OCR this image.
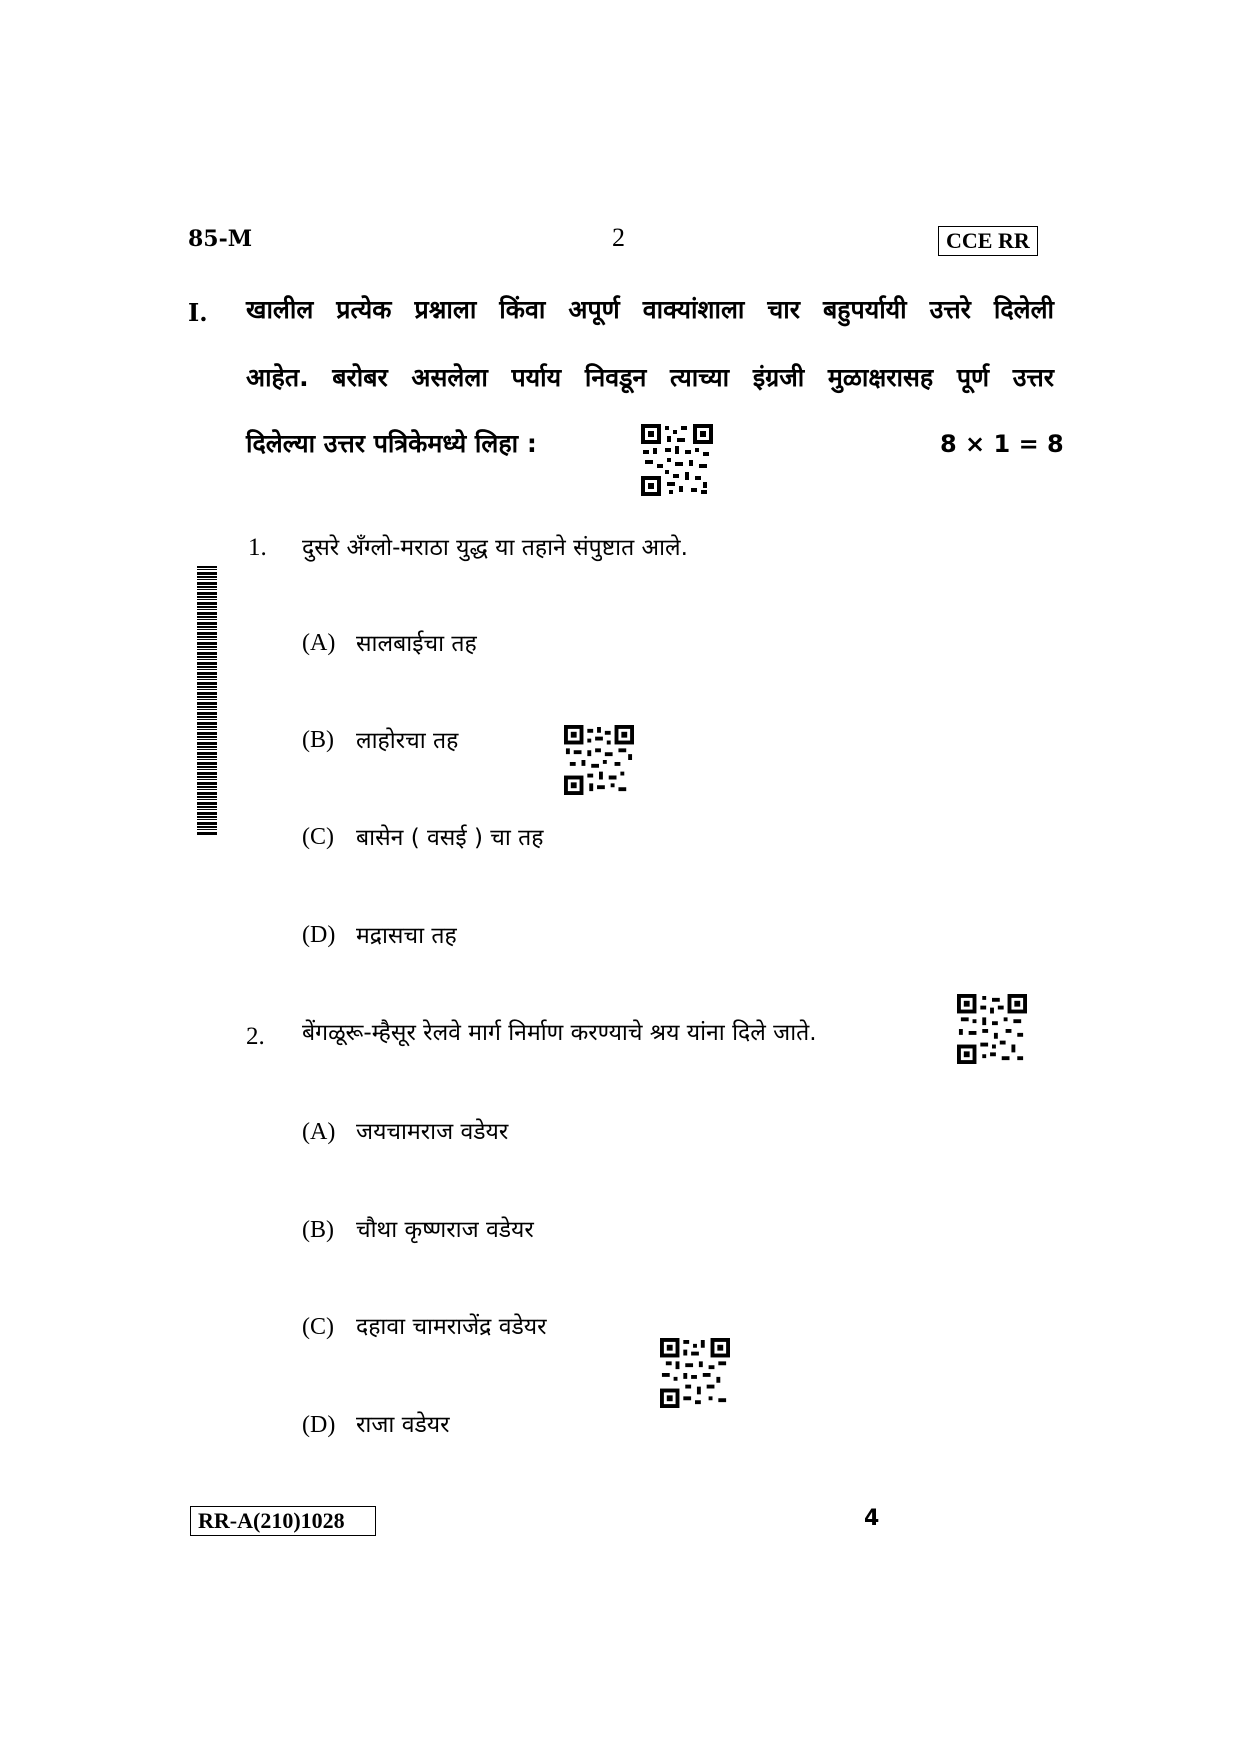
85-M	2	CCE RR
I. खालील प्रत्येक प्रश्नाला किंवा अपूर्ण वाक्यांशाला चार बहुपर्यायी उत्तरे दिलेली
आहेत. बरोबर असलेला पर्याय निवडून त्याच्या इंग्रजी मुळाक्षरासह पूर्ण उत्तर
दिलेल्या उत्तर पत्रिकेमध्ये लिहा :	8 × 1 = 8
1. दुसरे अँग्लो-मराठा युद्ध या तहाने संपुष्टात आले.
(A) सालबाईचा तह
(B) लाहोरचा तह
(C) बासेन ( वसई ) चा तह
(D) मद्रासचा तह
2. बेंगळूरू-म्हैसूर रेलवे मार्ग निर्माण करण्याचे श्रय यांना दिले जाते.
(A) जयचामराज वडेयर
(B) चौथा कृष्णराज वडेयर
(C) दहावा चामराजेंद्र वडेयर
(D) राजा वडेयर
RR-A(210)1028	4
